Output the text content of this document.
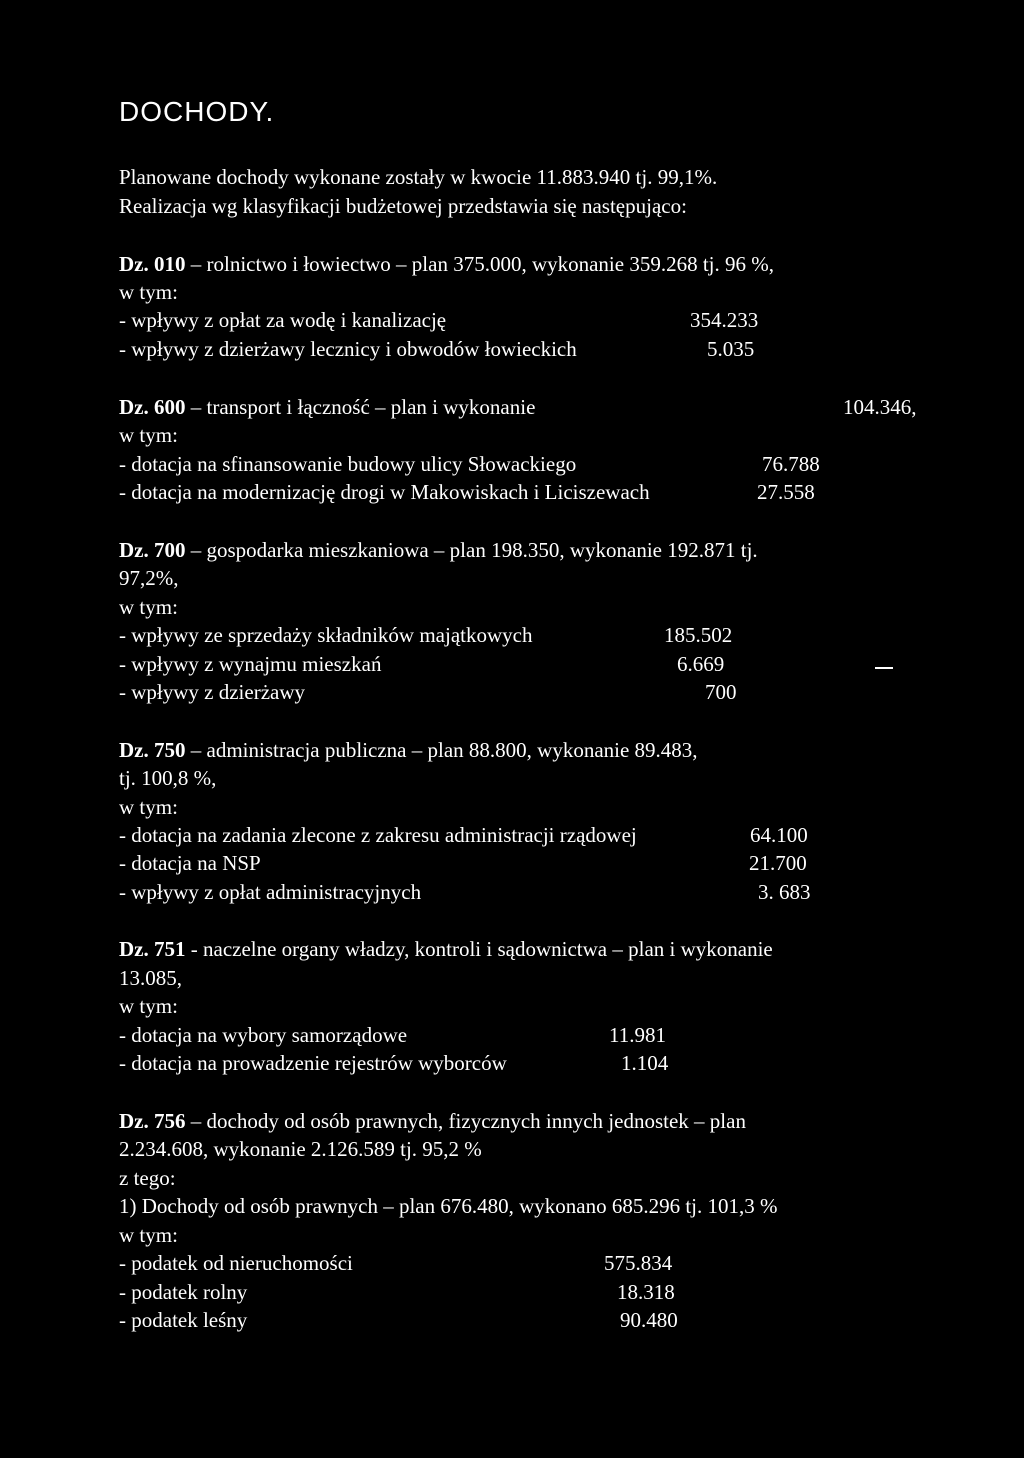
DOCHODY.
Planowane dochody wykonane zostały w kwocie 11.883.940 tj. 99,1%.
Realizacja wg klasyfikacji budżetowej przedstawia się następująco:
Dz. 010 – rolnictwo i łowiectwo – plan 375.000, wykonanie 359.268 tj. 96 %,
w tym:
- wpływy z opłat za wodę i kanalizację	354.233
- wpływy z dzierżawy lecznicy i obwodów łowieckich	5.035
Dz. 600 – transport i łączność – plan i wykonanie	104.346,
w tym:
- dotacja na sfinansowanie budowy ulicy Słowackiego	76.788
- dotacja na modernizację drogi w Makowiskach i Liciszewach	27.558
Dz. 700 – gospodarka mieszkaniowa – plan 198.350, wykonanie 192.871 tj.
97,2%,
w tym:
- wpływy ze sprzedaży składników majątkowych	185.502
- wpływy z wynajmu mieszkań	6.669
- wpływy z dzierżawy	700
Dz. 750 – administracja publiczna – plan 88.800, wykonanie 89.483,
tj. 100,8 %,
w tym:
- dotacja na zadania zlecone z zakresu administracji rządowej	64.100
- dotacja na NSP	21.700
- wpływy z opłat administracyjnych	3. 683
Dz. 751 - naczelne organy władzy, kontroli i sądownictwa – plan i wykonanie
13.085,
w tym:
- dotacja na wybory samorządowe	11.981
- dotacja na prowadzenie rejestrów wyborców	1.104
Dz. 756 – dochody od osób prawnych, fizycznych innych jednostek – plan
2.234.608, wykonanie 2.126.589 tj. 95,2 %
z tego:
1) Dochody od osób prawnych – plan 676.480, wykonano 685.296 tj. 101,3 %
w tym:
- podatek od nieruchomości	575.834
- podatek rolny	18.318
- podatek leśny	90.480
